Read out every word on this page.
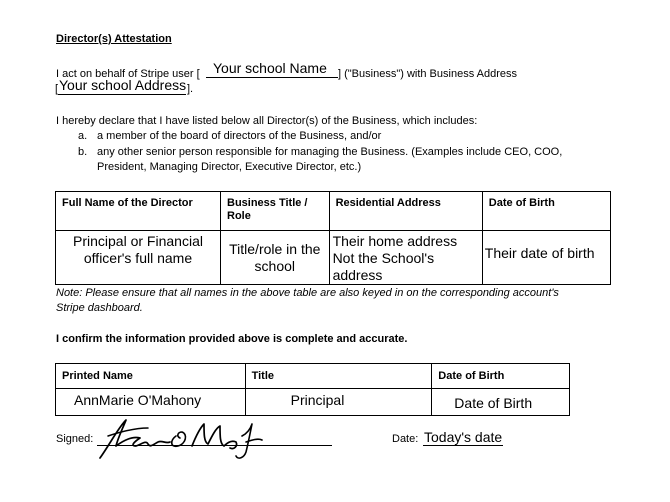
Director(s) Attestation
I act on behalf of Stripe user [ Your school Name ] ("Business") with Business Address
[ Your school Address ].
I hereby declare that I have listed below all Director(s) of the Business, which includes:
a. a member of the board of directors of the Business, and/or
b. any other senior person responsible for managing the Business. (Examples include CEO, COO,
President, Managing Director, Executive Director, etc.)
Full Name of the Director	Business Title /
Role	Residential Address	Date of Birth

Principal or Financial
officer's full name	Title/role in the
school	Their home address
Not the School's
address	Their date of birth
Note: Please ensure that all names in the above table are also keyed in on the corresponding account's
Stripe dashboard.
I confirm the information provided above is complete and accurate.
Printed Name	Title	Date of Birth

AnnMarie O'Mahony	Principal	Date of Birth
Signed:	Date: Today's date
